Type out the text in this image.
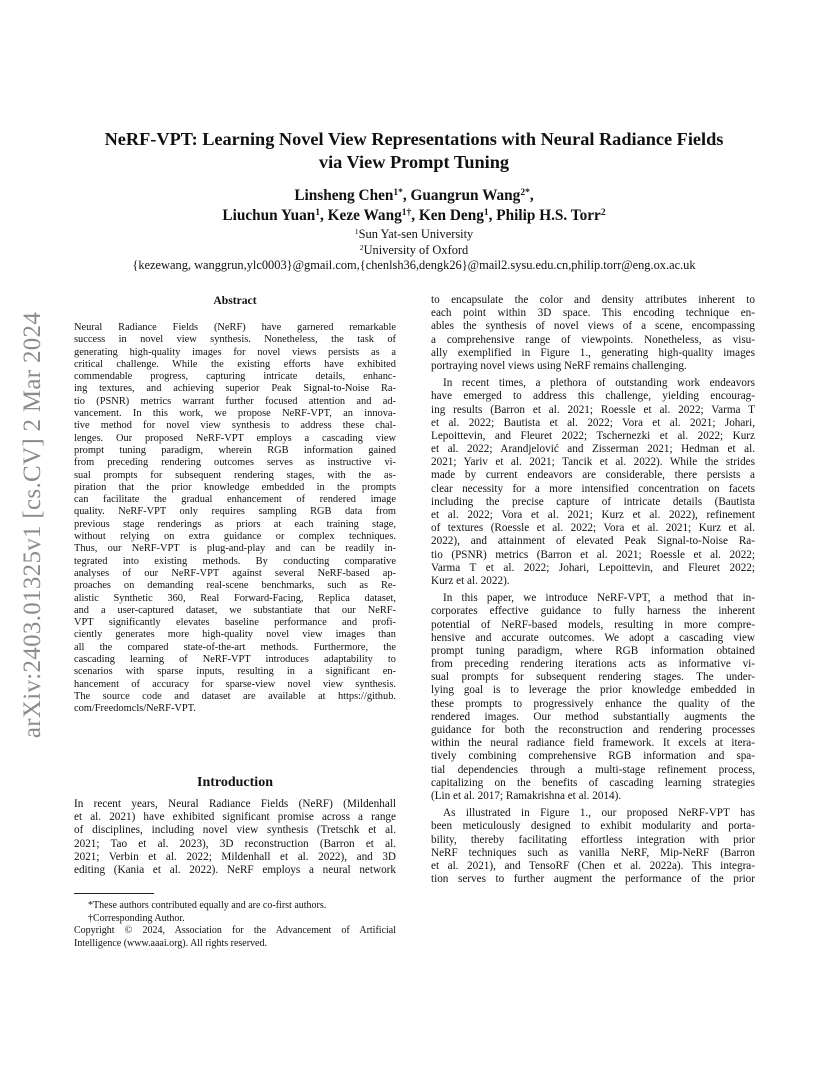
arXiv:2403.01325v1 [cs.CV] 2 Mar 2024
NeRF-VPT: Learning Novel View Representations with Neural Radiance Fields
via View Prompt Tuning
Linsheng Chen$^{1*}$, Guangrun Wang$^{2*}$,
Liuchun Yuan$^1$, Keze Wang$^{1\dagger}$, Ken Deng$^1$, Philip H.S. Torr$^2$
$^1$Sun Yat-sen University
$^2$University of Oxford
{kezewang, wanggrun,ylc0003}@gmail.com,{chenlsh36,dengk26}@mail2.sysu.edu.cn,philip.torr@eng.ox.ac.uk
Abstract
Neural Radiance Fields (NeRF) have garnered remarkable
success in novel view synthesis. Nonetheless, the task of
generating high-quality images for novel views persists as a
critical challenge. While the existing efforts have exhibited
commendable progress, capturing intricate details, enhanc-
ing textures, and achieving superior Peak Signal-to-Noise Ra-
tio (PSNR) metrics warrant further focused attention and ad-
vancement. In this work, we propose NeRF-VPT, an innova-
tive method for novel view synthesis to address these chal-
lenges. Our proposed NeRF-VPT employs a cascading view
prompt tuning paradigm, wherein RGB information gained
from preceding rendering outcomes serves as instructive vi-
sual prompts for subsequent rendering stages, with the as-
piration that the prior knowledge embedded in the prompts
can facilitate the gradual enhancement of rendered image
quality. NeRF-VPT only requires sampling RGB data from
previous stage renderings as priors at each training stage,
without relying on extra guidance or complex techniques.
Thus, our NeRF-VPT is plug-and-play and can be readily in-
tegrated into existing methods. By conducting comparative
analyses of our NeRF-VPT against several NeRF-based ap-
proaches on demanding real-scene benchmarks, such as Re-
alistic Synthetic 360, Real Forward-Facing, Replica dataset,
and a user-captured dataset, we substantiate that our NeRF-
VPT significantly elevates baseline performance and profi-
ciently generates more high-quality novel view images than
all the compared state-of-the-art methods. Furthermore, the
cascading learning of NeRF-VPT introduces adaptability to
scenarios with sparse inputs, resulting in a significant en-
hancement of accuracy for sparse-view novel view synthesis.
The source code and dataset are available at https://github.
com/Freedomcls/NeRF-VPT.
Introduction
In recent years, Neural Radiance Fields (NeRF) (Mildenhall
et al. 2021) have exhibited significant promise across a range
of disciplines, including novel view synthesis (Tretschk et al.
2021; Tao et al. 2023), 3D reconstruction (Barron et al.
2021; Verbin et al. 2022; Mildenhall et al. 2022), and 3D
editing (Kania et al. 2022). NeRF employs a neural network
*These authors contributed equally and are co-first authors.
†Corresponding Author.
Copyright © 2024, Association for the Advancement of Artificial
Intelligence (www.aaai.org). All rights reserved.
to encapsulate the color and density attributes inherent to
each point within 3D space. This encoding technique en-
ables the synthesis of novel views of a scene, encompassing
a comprehensive range of viewpoints. Nonetheless, as visu-
ally exemplified in Figure 1., generating high-quality images
portraying novel views using NeRF remains challenging.
In recent times, a plethora of outstanding work endeavors
have emerged to address this challenge, yielding encourag-
ing results (Barron et al. 2021; Roessle et al. 2022; Varma T
et al. 2022; Bautista et al. 2022; Vora et al. 2021; Johari,
Lepoittevin, and Fleuret 2022; Tschernezki et al. 2022; Kurz
et al. 2022; Arandjelović and Zisserman 2021; Hedman et al.
2021; Yariv et al. 2021; Tancik et al. 2022). While the strides
made by current endeavors are considerable, there persists a
clear necessity for a more intensified concentration on facets
including the precise capture of intricate details (Bautista
et al. 2022; Vora et al. 2021; Kurz et al. 2022), refinement
of textures (Roessle et al. 2022; Vora et al. 2021; Kurz et al.
2022), and attainment of elevated Peak Signal-to-Noise Ra-
tio (PSNR) metrics (Barron et al. 2021; Roessle et al. 2022;
Varma T et al. 2022; Johari, Lepoittevin, and Fleuret 2022;
Kurz et al. 2022).
In this paper, we introduce NeRF-VPT, a method that in-
corporates effective guidance to fully harness the inherent
potential of NeRF-based models, resulting in more compre-
hensive and accurate outcomes. We adopt a cascading view
prompt tuning paradigm, where RGB information obtained
from preceding rendering iterations acts as informative vi-
sual prompts for subsequent rendering stages. The under-
lying goal is to leverage the prior knowledge embedded in
these prompts to progressively enhance the quality of the
rendered images. Our method substantially augments the
guidance for both the reconstruction and rendering processes
within the neural radiance field framework. It excels at itera-
tively combining comprehensive RGB information and spa-
tial dependencies through a multi-stage refinement process,
capitalizing on the benefits of cascading learning strategies
(Lin et al. 2017; Ramakrishna et al. 2014).
As illustrated in Figure 1., our proposed NeRF-VPT has
been meticulously designed to exhibit modularity and porta-
bility, thereby facilitating effortless integration with prior
NeRF techniques such as vanilla NeRF, Mip-NeRF (Barron
et al. 2021), and TensoRF (Chen et al. 2022a). This integra-
tion serves to further augment the performance of the prior
